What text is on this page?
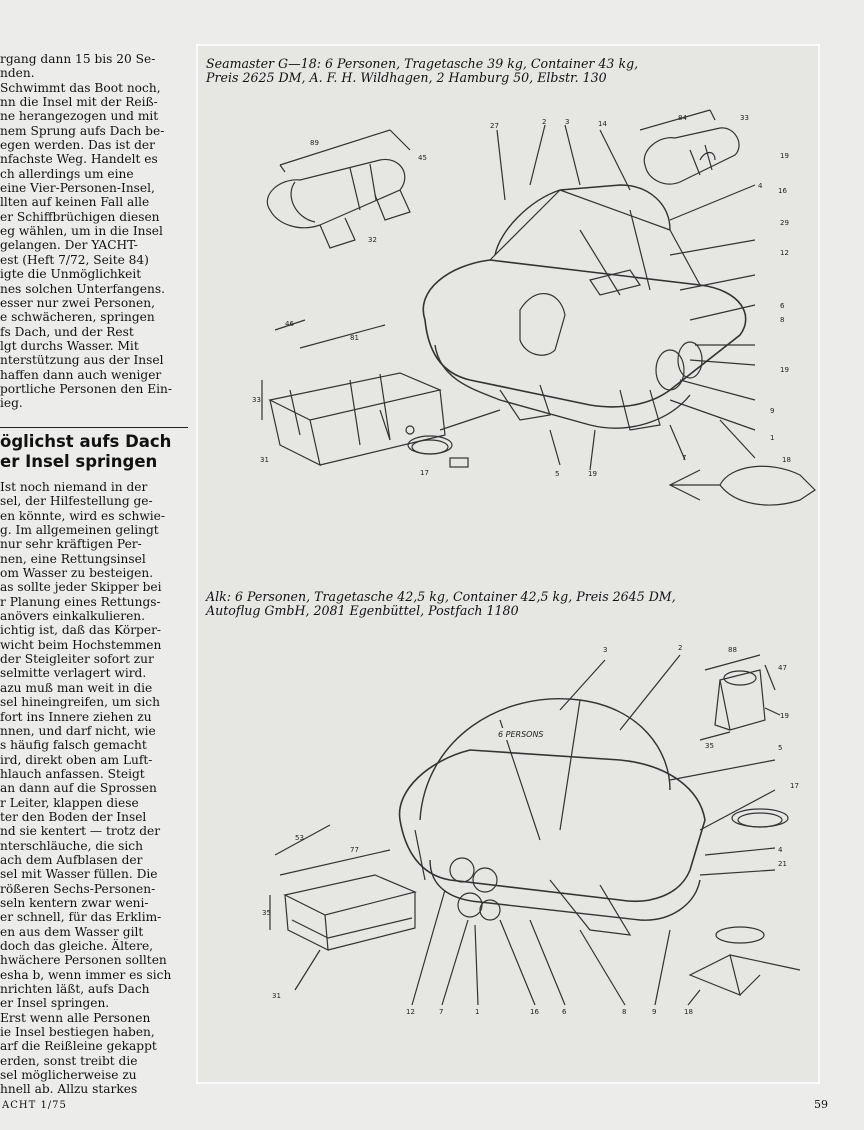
rgang dann 15 bis 20 Se-

nden.

Schwimmt das Boot noch,

nn die Insel mit der Reiß-

ne herangezogen und mit

nem Sprung aufs Dach be-

egen werden. Das ist der

nfachste Weg. Handelt es

ch allerdings um eine

eine Vier-Personen-Insel,

llten auf keinen Fall alle

er Schiffbrüchigen diesen

eg wählen, um in die Insel

gelangen. Der YACHT-

est (Heft 7/72, Seite 84)

igte die Unmöglichkeit

nes solchen Unterfangens.

esser nur zwei Personen,

e schwächeren, springen

fs Dach, und der Rest

lgt durchs Wasser. Mit

nterstützung aus der Insel

haffen dann auch weniger

portliche Personen den Ein-

ieg.

öglichst aufs Dach
er Insel springen

Ist noch niemand in der

sel, der Hilfestellung ge-

en könnte, wird es schwie-

g. Im allgemeinen gelingt

nur sehr kräftigen Per-

nen, eine Rettungsinsel

om Wasser zu besteigen.

as sollte jeder Skipper bei

r Planung eines Rettungs-

anövers einkalkulieren.

ichtig ist, daß das Körper-

wicht beim Hochstemmen

der Steigleiter sofort zur

selmitte verlagert wird.

azu muß man weit in die

sel hineingreifen, um sich

fort ins Innere ziehen zu

nnen, und darf nicht, wie

s häufig falsch gemacht

ird, direkt oben am Luft-

hlauch anfassen. Steigt

an dann auf die Sprossen

r Leiter, klappen diese

ter den Boden der Insel

nd sie kentert — trotz der

nterschläuche, die sich

ach dem Aufblasen der

sel mit Wasser füllen. Die

rößeren Sechs-Personen-

seln kentern zwar weni-

er schnell, für das Erklim-

en aus dem Wasser gilt

doch das gleiche. Ältere,

hwächere Personen sollten

esha b, wenn immer es sich

nrichten läßt, aufs Dach

er Insel springen.

Erst wenn alle Personen

ie Insel bestiegen haben,

arf die Reißleine gekappt

erden, sonst treibt die

sel möglicherweise zu

hnell ab. Allzu starkes

Seamaster G—18: 6 Personen, Tragetasche 39 kg, Container 43 kg,
Preis 2625 DM, A. F. H. Wildhagen, 2 Hamburg 50, Elbstr. 130
89
45
32
46
81
33
31
17
84	33
27	2	3	14
19
4
16
29
12
6
8
19
9
1
7	18
5	19
Alk: 6 Personen, Tragetasche 42,5 kg, Container 42,5 kg, Preis 2645 DM,
Autoflug GmbH, 2081 Egenbüttel, Postfach 1180
6 PERSONS
3	2	88
47
19
35	5
17
4
21
53
77
35
31
12	7	1	16	6	8	9	18
ACHT 1/75	59
